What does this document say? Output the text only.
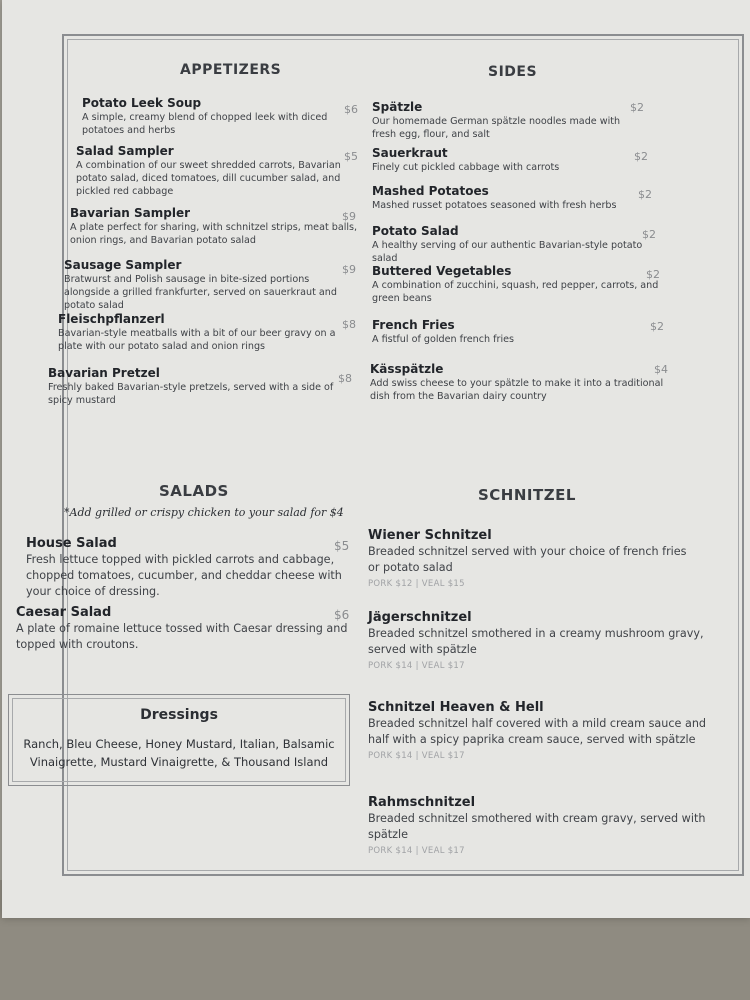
APPETIZERS
Potato Leek Soup	$6
A simple, creamy blend of chopped leek with diced potatoes and herbs
Salad Sampler	$5
A combination of our sweet shredded carrots, Bavarian potato salad, diced tomatoes, dill cucumber salad, and pickled red cabbage
Bavarian Sampler	$9
A plate perfect for sharing, with schnitzel strips, meat balls, onion rings, and Bavarian potato salad
Sausage Sampler	$9
Bratwurst and Polish sausage in bite-sized portions alongside a grilled frankfurter, served on sauerkraut and potato salad
Fleischpflanzerl	$8
Bavarian-style meatballs with a bit of our beer gravy on a plate with our potato salad and onion rings
Bavarian Pretzel	$8
Freshly baked Bavarian-style pretzels, served with a side of spicy mustard
SIDES
Spätzle	$2
Our homemade German spätzle noodles made with fresh egg, flour, and salt
Sauerkraut	$2
Finely cut pickled cabbage with carrots
Mashed Potatoes	$2
Mashed russet potatoes seasoned with fresh herbs
Potato Salad	$2
A healthy serving of our authentic Bavarian-style potato salad
Buttered Vegetables	$2
A combination of zucchini, squash, red pepper, carrots, and green beans
French Fries	$2
A fistful of golden french fries
Kässpätzle	$4
Add swiss cheese to your spätzle to make it into a traditional dish from the Bavarian dairy country
SALADS
*Add grilled or crispy chicken to your salad for $4
House Salad	$5
Fresh lettuce topped with pickled carrots and cabbage, chopped tomatoes, cucumber, and cheddar cheese with your choice of dressing.
Caesar Salad	$6
A plate of romaine lettuce tossed with Caesar dressing and topped with croutons.
Dressings
Ranch, Bleu Cheese, Honey Mustard, Italian, Balsamic Vinaigrette, Mustard Vinaigrette, & Thousand Island
SCHNITZEL
Wiener Schnitzel
Breaded schnitzel served with your choice of french fries or potato salad
PORK $12 | VEAL $15
Jägerschnitzel
Breaded schnitzel smothered in a creamy mushroom gravy, served with spätzle
PORK $14 | VEAL $17
Schnitzel Heaven & Hell
Breaded schnitzel half covered with a mild cream sauce and half with a spicy paprika cream sauce, served with spätzle
PORK $14 | VEAL $17
Rahmschnitzel
Breaded schnitzel smothered with cream gravy, served with spätzle
PORK $14 | VEAL $17
